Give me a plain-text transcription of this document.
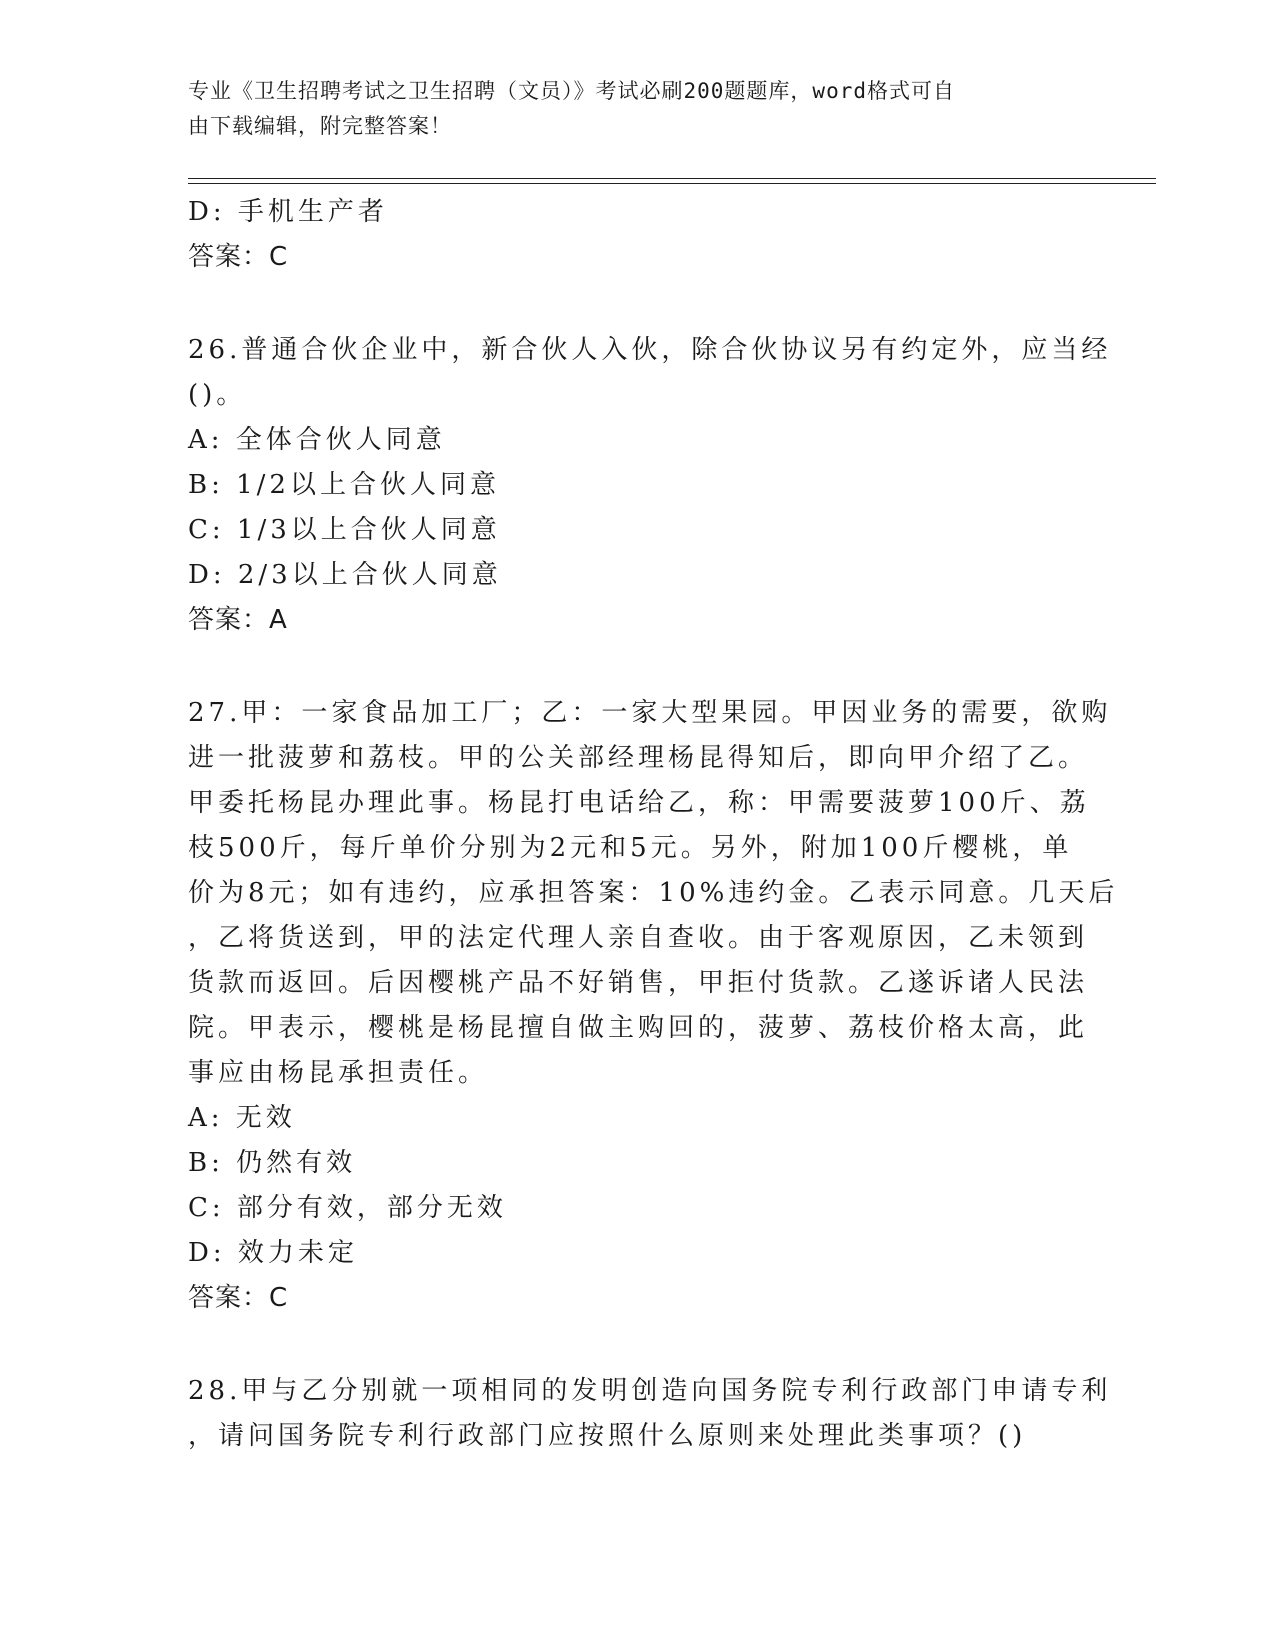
专业《卫生招聘考试之卫生招聘（文员）》考试必刷200题题库，word格式可自
由下载编辑，附完整答案！
D: 手机生产者
答案：C
26.普通合伙企业中，新合伙人入伙，除合伙协议另有约定外，应当经
()。
A: 全体合伙人同意
B: 1/2以上合伙人同意
C: 1/3以上合伙人同意
D: 2/3以上合伙人同意
答案：A
27.甲：一家食品加工厂；乙：一家大型果园。甲因业务的需要，欲购
进一批菠萝和荔枝。甲的公关部经理杨昆得知后，即向甲介绍了乙。
甲委托杨昆办理此事。杨昆打电话给乙，称：甲需要菠萝100斤、荔
枝500斤，每斤单价分别为2元和5元。另外，附加100斤樱桃，单
价为8元；如有违约，应承担答案：10%违约金。乙表示同意。几天后
，乙将货送到，甲的法定代理人亲自查收。由于客观原因，乙未领到
货款而返回。后因樱桃产品不好销售，甲拒付货款。乙遂诉诸人民法
院。甲表示，樱桃是杨昆擅自做主购回的，菠萝、荔枝价格太高，此
事应由杨昆承担责任。
A: 无效
B: 仍然有效
C: 部分有效，部分无效
D: 效力未定
答案：C
28.甲与乙分别就一项相同的发明创造向国务院专利行政部门申请专利
，请问国务院专利行政部门应按照什么原则来处理此类事项？()
